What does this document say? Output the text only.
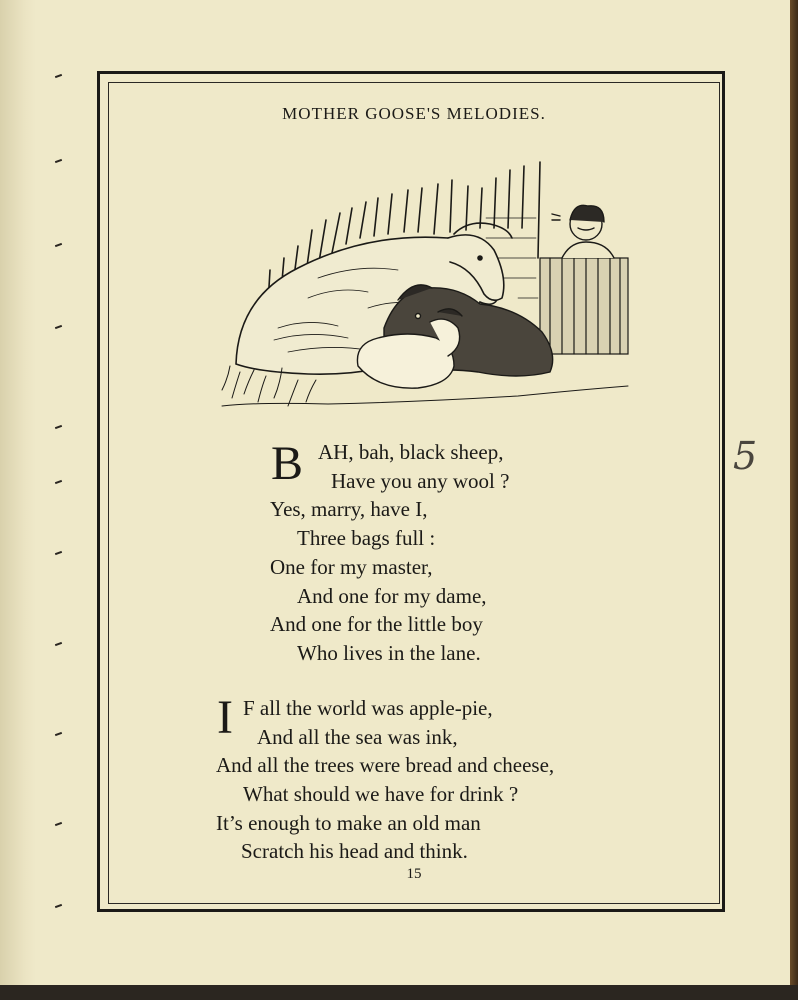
MOTHER GOOSE'S MELODIES.
B AH, bah, black sheep,
Have you any wool ?
Yes, marry, have I,
Three bags full :
One for my master,
And one for my dame,
And one for the little boy
Who lives in the lane.
I F all the world was apple-pie,
And all the sea was ink,
And all the trees were bread and cheese,
What should we have for drink ?
It’s enough to make an old man
Scratch his head and think.
15
5
